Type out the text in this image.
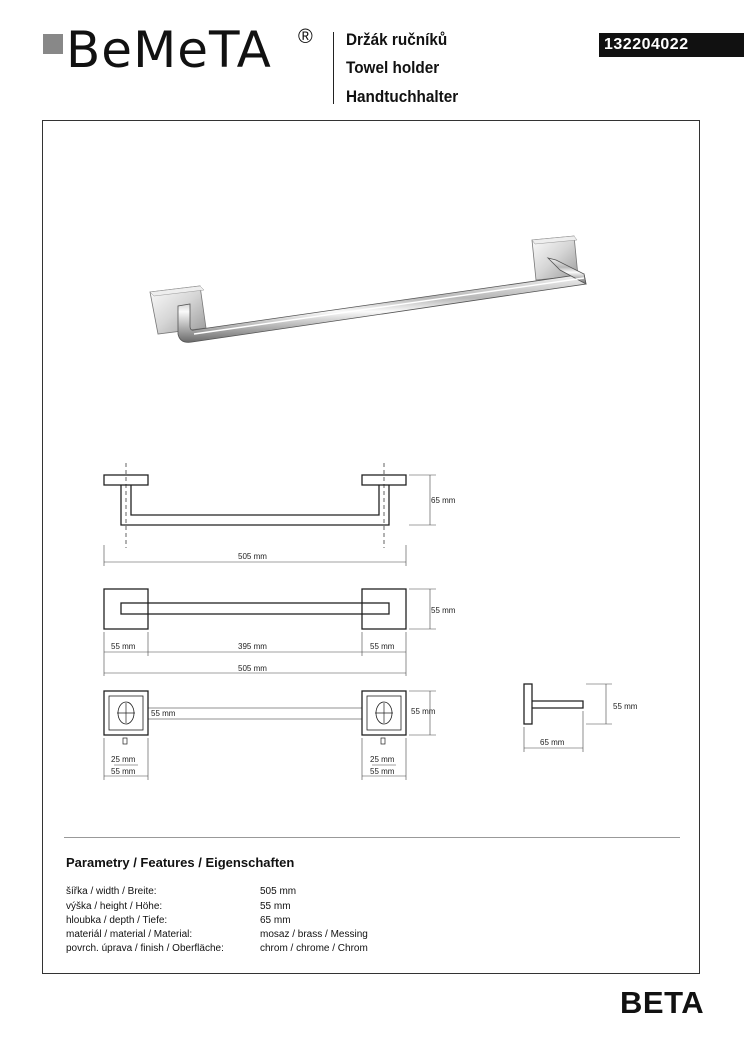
BeMeTA ® Držák ručníků
Towel holder
Handtuchhalter
132204022
65 mm
505 mm
55 mm
55 mm	395 mm	55 mm
505 mm
55 mm	55 mm
25 mm
55 mm
25 mm
55 mm
55 mm
65 mm
Parametry / Features / Eigenschaften
šířka / width / Breite:	505 mm
výška / height / Höhe:	55 mm
hloubka / depth / Tiefe:	65 mm
materiál / material / Material:	mosaz / brass / Messing
povrch. úprava / finish / Oberfläche:	chrom / chrome / Chrom
BETA
